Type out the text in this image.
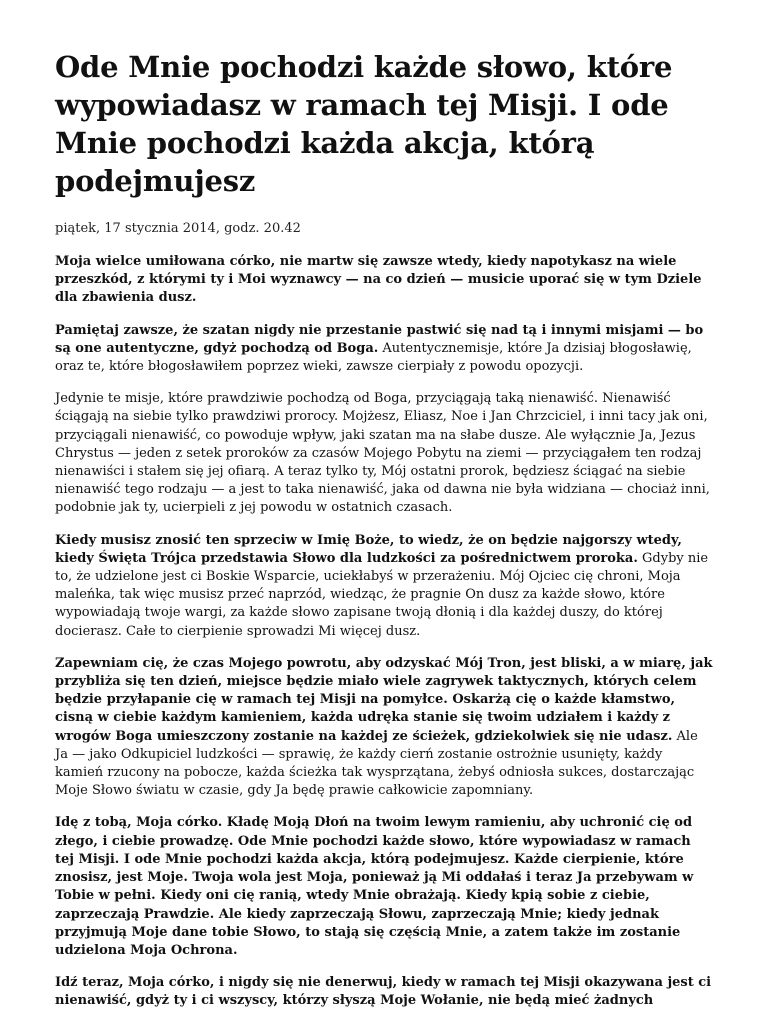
Ode Mnie pochodzi każde słowo, które wypowiadasz w ramach tej Misji. I ode Mnie pochodzi każda akcja, którą podejmujesz
piątek, 17 stycznia 2014, godz. 20.42

Moja wielce umiłowana córko, nie martw się zawsze wtedy, kiedy napotykasz na wiele przeszkód, z którymi ty i Moi wyznawcy — na co dzień — musicie uporać się w tym Dziele dla zbawienia dusz.

Pamiętaj zawsze, że szatan nigdy nie przestanie pastwić się nad tą i innymi misjami — bo są one autentyczne, gdyż pochodzą od Boga. Autentycznemisje, które Ja dzisiaj błogosławię, oraz te, które błogosławiłem poprzez wieki, zawsze cierpiały z powodu opozycji.

Jedynie te misje, które prawdziwie pochodzą od Boga, przyciągają taką nienawiść. Nienawiść ściągają na siebie tylko prawdziwi prorocy. Mojżesz, Eliasz, Noe i Jan Chrzciciel, i inni tacy jak oni, przyciągali nienawiść, co powoduje wpływ, jaki szatan ma na słabe dusze. Ale wyłącznie Ja, Jezus Chrystus — jeden z setek proroków za czasów Mojego Pobytu na ziemi — przyciągałem ten rodzaj nienawiści i stałem się jej ofiarą. A teraz tylko ty, Mój ostatni prorok, będziesz ściągać na siebie nienawiść tego rodzaju — a jest to taka nienawiść, jaka od dawna nie była widziana — chociaż inni, podobnie jak ty, ucierpieli z jej powodu w ostatnich czasach.

Kiedy musisz znosić ten sprzeciw w Imię Boże, to wiedz, że on będzie najgorszy wtedy, kiedy Święta Trójca przedstawia Słowo dla ludzkości za pośrednictwem proroka. Gdyby nie to, że udzielone jest ci Boskie Wsparcie, uciekłabyś w przerażeniu. Mój Ojciec cię chroni, Moja maleńka, tak więc musisz przeć naprzód, wiedząc, że pragnie On dusz za każde słowo, które wypowiadają twoje wargi, za każde słowo zapisane twoją dłonią i dla każdej duszy, do której docierasz. Całe to cierpienie sprowadzi Mi więcej dusz.

Zapewniam cię, że czas Mojego powrotu, aby odzyskać Mój Tron, jest bliski, a w miarę, jak przybliża się ten dzień, miejsce będzie miało wiele zagrywek taktycznych, których celem będzie przyłapanie cię w ramach tej Misji na pomyłce. Oskarżą cię o każde kłamstwo, cisną w ciebie każdym kamieniem, każda udręka stanie się twoim udziałem i każdy z wrogów Boga umieszczony zostanie na każdej ze ścieżek, gdziekolwiek się nie udasz. Ale Ja — jako Odkupiciel ludzkości — sprawię, że każdy cierń zostanie ostrożnie usunięty, każdy kamień rzucony na pobocze, każda ścieżka tak wysprzątana, żebyś odniosła sukces, dostarczając Moje Słowo światu w czasie, gdy Ja będę prawie całkowicie zapomniany.

Idę z tobą, Moja córko. Kładę Moją Dłoń na twoim lewym ramieniu, aby uchronić cię od złego, i ciebie prowadzę. Ode Mnie pochodzi każde słowo, które wypowiadasz w ramach tej Misji. I ode Mnie pochodzi każda akcja, którą podejmujesz. Każde cierpienie, które znosisz, jest Moje. Twoja wola jest Moja, ponieważ ją Mi oddałaś i teraz Ja przebywam w Tobie w pełni. Kiedy oni cię ranią, wtedy Mnie obrażają. Kiedy kpią sobie z ciebie, zaprzeczają Prawdzie. Ale kiedy zaprzeczają Słowu, zaprzeczają Mnie; kiedy jednak przyjmują Moje dane tobie Słowo, to stają się częścią Mnie, a zatem także im zostanie udzielona Moja Ochrona.

Idź teraz, Moja córko, i nigdy się nie denerwuj, kiedy w ramach tej Misji okazywana jest ci nienawiść, gdyż ty i ci wszyscy, którzy słyszą Moje Wołanie, nie będą mieć żadnych
